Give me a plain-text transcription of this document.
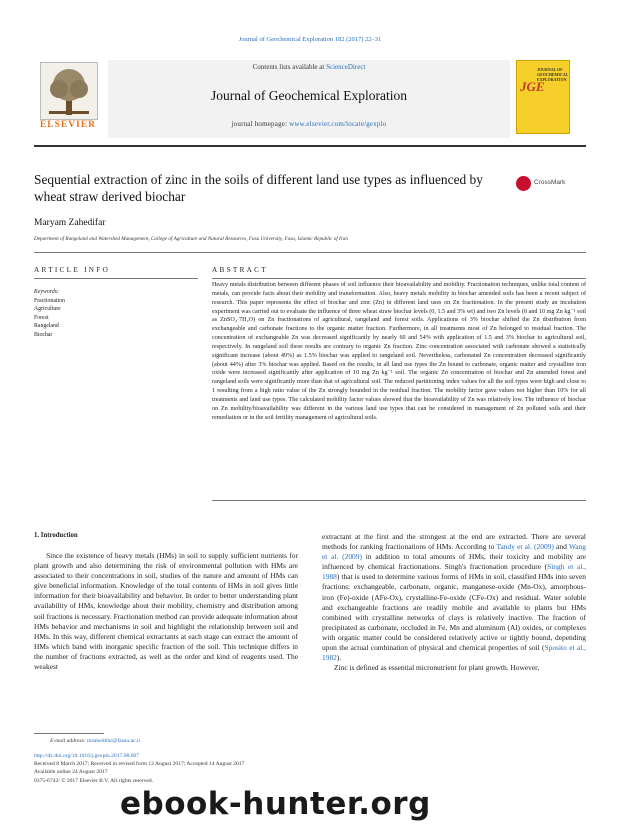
Journal of Geochemical Exploration 182 (2017) 22–31
ELSEVIER
Contents lists available at ScienceDirect
Journal of Geochemical Exploration
journal homepage: www.elsevier.com/locate/gexplo
JOURNAL OF GEOCHEMICAL EXPLORATION
JGE
Sequential extraction of zinc in the soils of different land use types as influenced by wheat straw derived biochar
CrossMark
Maryam Zahedifar
Department of Rangeland and Watershed Management, College of Agriculture and Natural Resources, Fasa University, Fasa, Islamic Republic of Iran
ARTICLE INFO	ABSTRACT
Keywords:
Fractionation
Agriculture
Forest
Rangeland
Biochar
Heavy metals distribution between different phases of soil influence their bioavailability and mobility. Fractionation techniques, unlike total content of metals, can provide facts about their mobility and transformation. Also, heavy metals mobility in biochar amended soils has been a recent subject of research. This paper represents the effect of biochar and zinc (Zn) in different land uses on Zn fractionation. In the present study an incubation experiment was carried out to evaluate the influence of three wheat straw biochar levels (0, 1.5 and 3% wt) and two Zn levels (0 and 10 mg Zn kg⁻¹ soil as ZnSO₄·7H₂O) on Zn fractionations of agricultural, rangeland and forest soils. Applications of 3% biochar shifted the Zn distribution from exchangeable and carbonate fractions to the organic matter fraction. Furthermore, in all treatments most of Zn belonged to residual fraction. The concentration of exchangeable Zn was decreased significantly by nearly 60 and 54% with application of 1.5 and 3% biochar to agricultural soil, respectively. In rangeland soil these results are contrary to organic Zn fraction. Zinc concentration associated with carbonate showed a statistically significant increase (about 49%) as 1.5% biochar was applied to rangeland soil. Nevertheless, carbonated Zn concentration decreased significantly (about 44%) after 3% biochar was applied. Based on the results, in all land use types the Zn bound to carbonate, organic matter and crystalline iron oxide were increased significantly after application of 10 mg Zn kg⁻¹ soil. The organic Zn concentration of biochar and Zn amended forest and rangeland soils were significantly more than that of agricultural soil. The reduced partitioning index values for all the soil types were high and close to 1 resulting from a high ratio value of the Zn strongly bounded in the residual fraction. The mobility factor gave values not higher than 10% for all treatments and land use types. The calculated mobility factor values showed that the bioavailability of Zn was relatively low. The influence of biochar on Zn mobility/bioavailability was different in the various land use types that can be considered in management of Zn polluted soils and their remediation or in the soil fertility management of agricultural soils.
1. Introduction
Since the existence of heavy metals (HMs) in soil to supply sufficient nutrients for plant growth and also determining the risk of environmental pollution with HMs are associated to their concentrations in soil, studies of the nature and amount of HMs can give beneficial information. Knowledge of the total contents of HMs in soil gives little information for their bioavailability and behavior. In order to better understanding plant availability of HMs, knowledge about their mobility, chemistry and distribution among soil fractions is necessary. Fractionation method can provide adequate information about HMs behavior and mechanisms in soil and highlight the relationship between soil and HMs. In this way, different chemical extractants at each stage can extract the amount of HMs which band with inorganic specific fraction of the soil. This technique differs in the number of fractions extracted, as well as the order and kind of reagents used. The weakest
extractant at the first and the strongest at the end are extracted. There are several methods for ranking fractionations of HMs. According to Tandy et al. (2009) and Wang et al. (2009) in addition to total amounts of HMs, their toxicity and mobility are influenced by chemical fractionations. Singh's fractionation procedure (Singh et al., 1988) that is used to determine various forms of HMs in soil, classified HMs into seven fractions: exchangeable, carbonate, organic, manganese-oxide (Mn-Ox), amorphous-iron (Fe)-oxide (AFe-Ox), crystalline-Fe-oxide (CFe-Ox) and residual. Water soluble and exchangeable fractions are readily mobile and available to plants but HMs combined with crystalline networks of clays is relatively inactive. The fraction of precipitated as carbonate, occluded in Fe, Mn and aluminum (Al) oxides, or complexes with organic matter could be considered relatively active or tightly bound, depending upon the actual combination of physical and chemical properties of soil (Sposito et al., 1982).
Zinc is defined as essential micronutrient for plant growth. However,
E-mail address: mzahedifar@fasau.ac.ir
http://dx.doi.org/10.1016/j.gexplo.2017.08.007
Received 8 March 2017; Received in revised form 12 August 2017; Accepted 14 August 2017
Available online 24 August 2017
0375-6742/ © 2017 Elsevier B.V. All rights reserved.
ebook-hunter.org
